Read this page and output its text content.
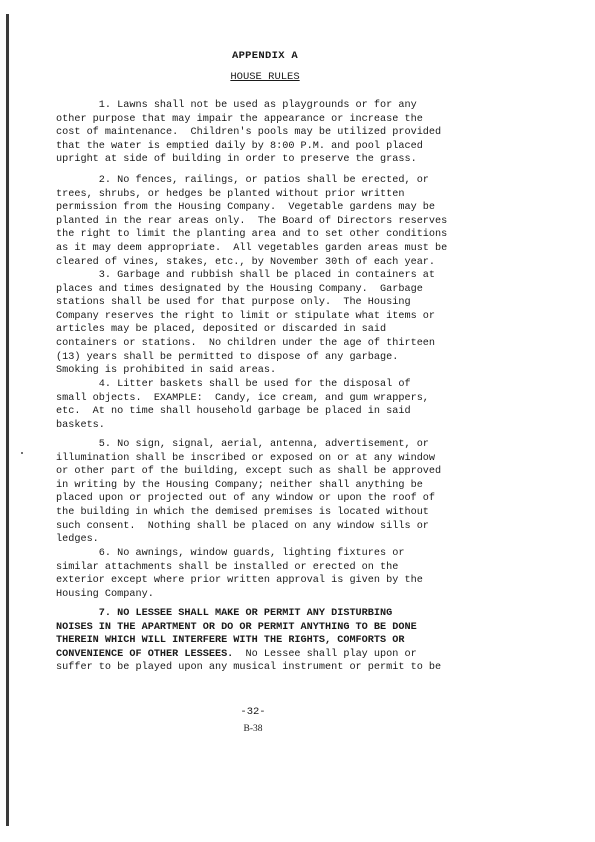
APPENDIX A
HOUSE RULES

1. Lawns shall not be used as playgrounds or for any

other purpose that may impair the appearance or increase the

cost of maintenance.  Children's pools may be utilized provided

that the water is emptied daily by 8:00 P.M. and pool placed

upright at side of building in order to preserve the grass.

2. No fences, railings, or patios shall be erected, or

trees, shrubs, or hedges be planted without prior written

permission from the Housing Company.  Vegetable gardens may be

planted in the rear areas only.  The Board of Directors reserves

the right to limit the planting area and to set other conditions

as it may deem appropriate.  All vegetables garden areas must be

cleared of vines, stakes, etc., by November 30th of each year.

3. Garbage and rubbish shall be placed in containers at

places and times designated by the Housing Company.  Garbage

stations shall be used for that purpose only.  The Housing

Company reserves the right to limit or stipulate what items or

articles may be placed, deposited or discarded in said

containers or stations.  No children under the age of thirteen

(13) years shall be permitted to dispose of any garbage.

Smoking is prohibited in said areas.

4. Litter baskets shall be used for the disposal of

small objects.  EXAMPLE:  Candy, ice cream, and gum wrappers,

etc.  At no time shall household garbage be placed in said

baskets.

5. No sign, signal, aerial, antenna, advertisement, or

illumination shall be inscribed or exposed on or at any window

or other part of the building, except such as shall be approved

in writing by the Housing Company; neither shall anything be

placed upon or projected out of any window or upon the roof of

the building in which the demised premises is located without

such consent.  Nothing shall be placed on any window sills or

ledges.

6. No awnings, window guards, lighting fixtures or

similar attachments shall be installed or erected on the

exterior except where prior written approval is given by the

Housing Company.

7. NO LESSEE SHALL MAKE OR PERMIT ANY DISTURBING

NOISES IN THE APARTMENT OR DO OR PERMIT ANYTHING TO BE DONE

THEREIN WHICH WILL INTERFERE WITH THE RIGHTS, COMFORTS OR

CONVENIENCE OF OTHER LESSEES.  No Lessee shall play upon or

suffer to be played upon any musical instrument or permit to be

-32-
B-38
